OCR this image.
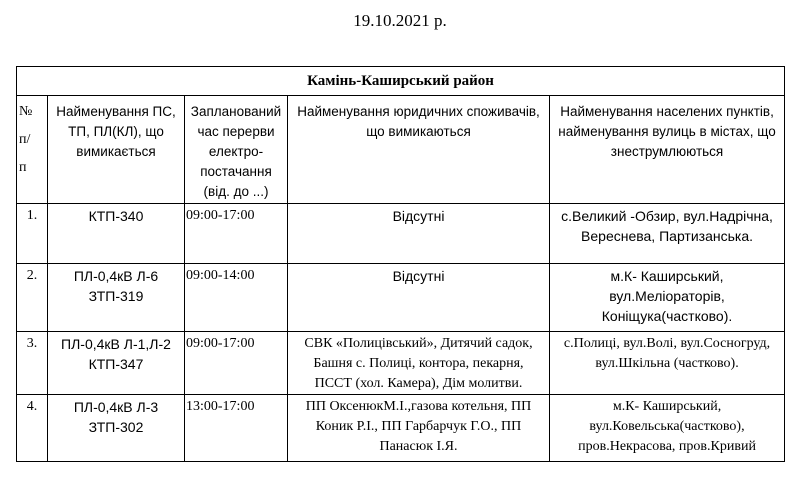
19.10.2021 р.
Камінь-Каширський район				

№
п/
п	Найменування ПС,
ТП, ПЛ(КЛ), що
вимикається	Запланований
час перерви
електро-
постачання
(від. до ...)	Найменування юридичних споживачів,
що вимикаються	Найменування населених пунктів,
найменування вулиць в містах, що
знеструмлюються

1.	КТП-340	09:00-17:00	Відсутні	с.Великий -Обзир, вул.Надрічна,
Вереснева, Партизанська.

2.	ПЛ-0,4кВ Л-6
ЗТП-319	09:00-14:00	Відсутні	м.К- Каширський,
вул.Меліораторів,
Коніщука(частково).

3.	ПЛ-0,4кВ Л-1,Л-2
КТП-347	09:00-17:00	СВК «Полицівський», Дитячий садок,
Башня с. Полиці, контора, пекарня,
ПССТ (хол. Камера), Дім молитви.	с.Полиці, вул.Волі, вул.Сосногруд,
вул.Шкільна (частково).

4.	ПЛ-0,4кВ Л-3
ЗТП-302	13:00-17:00	ПП ОксенюкМ.І.,газова котельня, ПП
Коник Р.І., ПП Гарбарчук Г.О., ПП
Панасюк І.Я.	м.К- Каширський,
вул.Ковельська(частково),
пров.Некрасова, пров.Кривий
